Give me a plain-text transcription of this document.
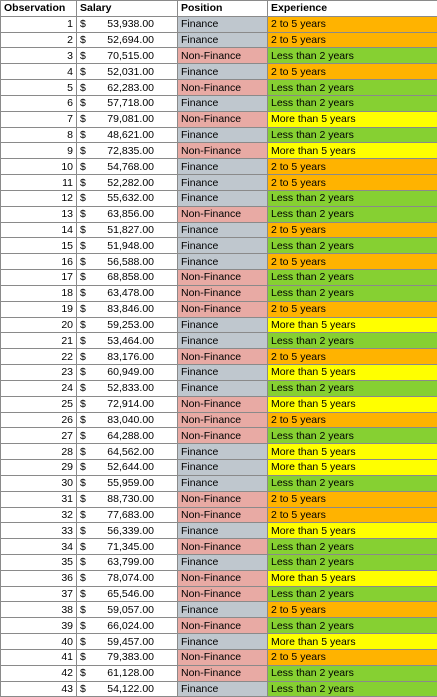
Observation	Salary	Position	Experience
1	$ 53,938.00	Finance	2 to 5 years
2	$ 52,694.00	Finance	2 to 5 years
3	$ 70,515.00	Non-Finance	Less than 2 years
4	$ 52,031.00	Finance	2 to 5 years
5	$ 62,283.00	Non-Finance	Less than 2 years
6	$ 57,718.00	Finance	Less than 2 years
7	$ 79,081.00	Non-Finance	More than 5 years
8	$ 48,621.00	Finance	Less than 2 years
9	$ 72,835.00	Non-Finance	More than 5 years
10	$ 54,768.00	Finance	2 to 5 years
11	$ 52,282.00	Finance	2 to 5 years
12	$ 55,632.00	Finance	Less than 2 years
13	$ 63,856.00	Non-Finance	Less than 2 years
14	$ 51,827.00	Finance	2 to 5 years
15	$ 51,948.00	Finance	Less than 2 years
16	$ 56,588.00	Finance	2 to 5 years
17	$ 68,858.00	Non-Finance	Less than 2 years
18	$ 63,478.00	Non-Finance	Less than 2 years
19	$ 83,846.00	Non-Finance	2 to 5 years
20	$ 59,253.00	Finance	More than 5 years
21	$ 53,464.00	Finance	Less than 2 years
22	$ 83,176.00	Non-Finance	2 to 5 years
23	$ 60,949.00	Finance	More than 5 years
24	$ 52,833.00	Finance	Less than 2 years
25	$ 72,914.00	Non-Finance	More than 5 years
26	$ 83,040.00	Non-Finance	2 to 5 years
27	$ 64,288.00	Non-Finance	Less than 2 years
28	$ 64,562.00	Finance	More than 5 years
29	$ 52,644.00	Finance	More than 5 years
30	$ 55,959.00	Finance	Less than 2 years
31	$ 88,730.00	Non-Finance	2 to 5 years
32	$ 77,683.00	Non-Finance	2 to 5 years
33	$ 56,339.00	Finance	More than 5 years
34	$ 71,345.00	Non-Finance	Less than 2 years
35	$ 63,799.00	Finance	Less than 2 years
36	$ 78,074.00	Non-Finance	More than 5 years
37	$ 65,546.00	Non-Finance	Less than 2 years
38	$ 59,057.00	Finance	2 to 5 years
39	$ 66,024.00	Non-Finance	Less than 2 years
40	$ 59,457.00	Finance	More than 5 years
41	$ 79,383.00	Non-Finance	2 to 5 years
42	$ 61,128.00	Non-Finance	Less than 2 years
43	$ 54,122.00	Finance	Less than 2 years
